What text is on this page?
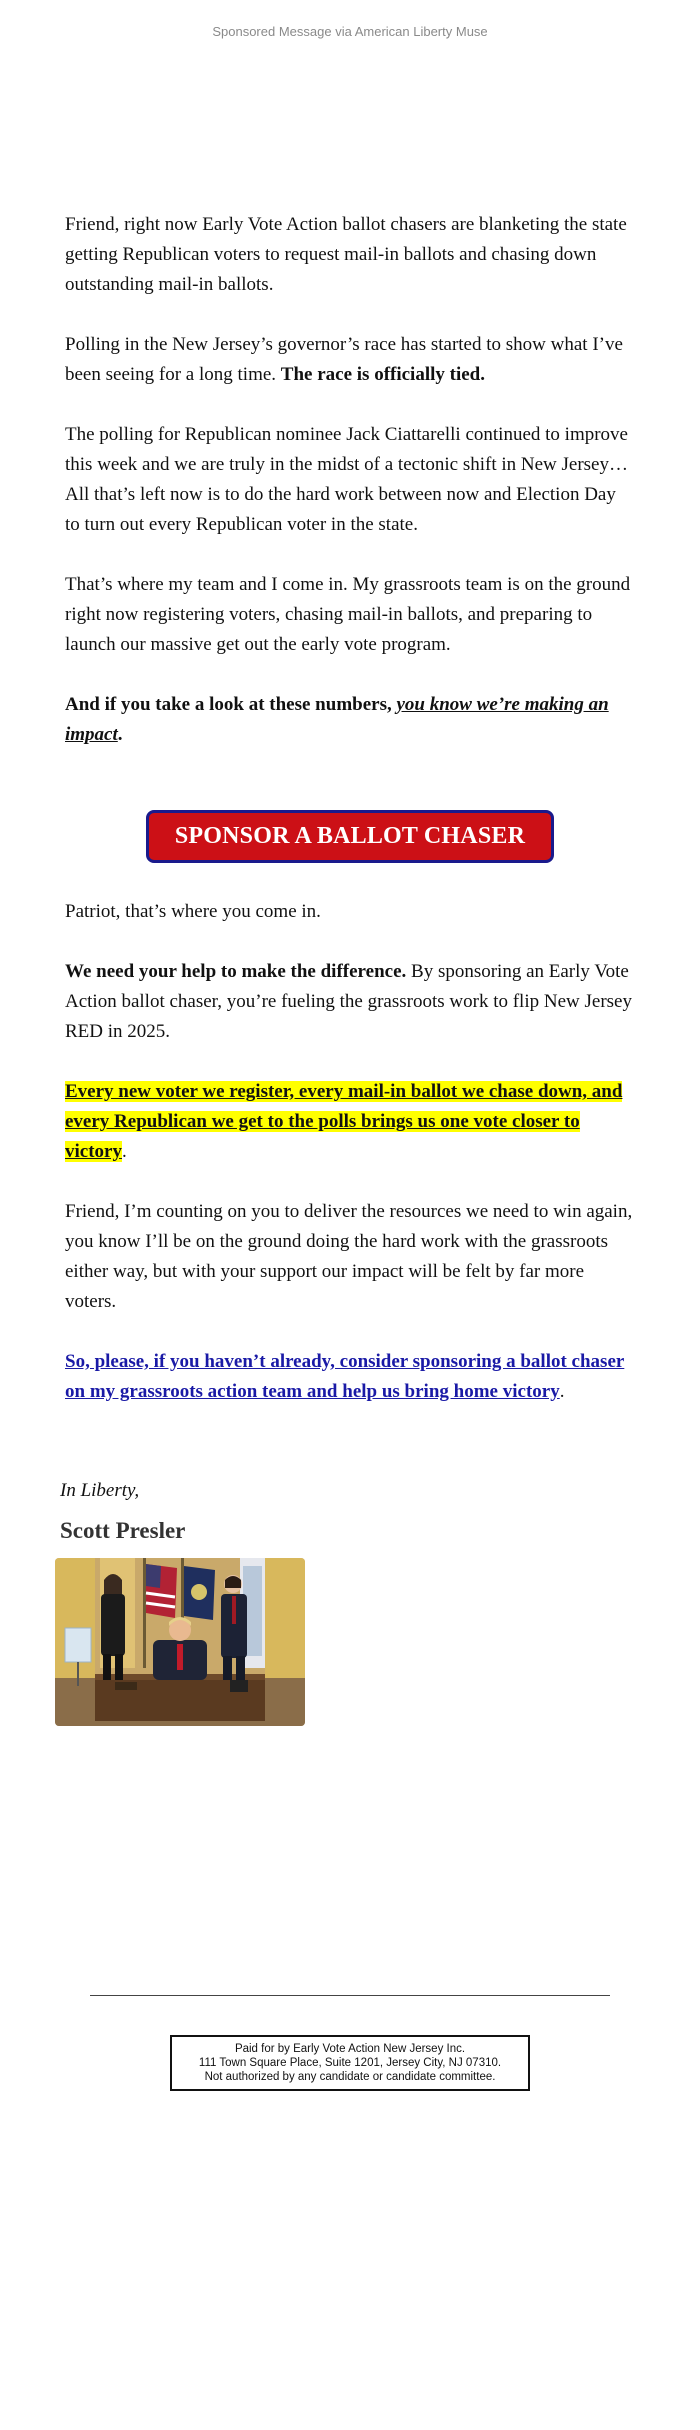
Sponsored Message via American Liberty Muse

Friend, right now Early Vote Action ballot chasers are blanketing the state getting Republican voters to request mail-in ballots and chasing down outstanding mail-in ballots.

Polling in the New Jersey’s governor’s race has started to show what I’ve been seeing for a long time. The race is officially tied.

The polling for Republican nominee Jack Ciattarelli continued to improve this week and we are truly in the midst of a tectonic shift in New Jersey… All that’s left now is to do the hard work between now and Election Day to turn out every Republican voter in the state.

That’s where my team and I come in. My grassroots team is on the ground right now registering voters, chasing mail-in ballots, and preparing to launch our massive get out the early vote program.

And if you take a look at these numbers, you know we’re making an impact.

SPONSOR A BALLOT CHASER

Patriot, that’s where you come in.

We need your help to make the difference. By sponsoring an Early Vote Action ballot chaser, you’re fueling the grassroots work to flip New Jersey RED in 2025.

Every new voter we register, every mail-in ballot we chase down, and every Republican we get to the polls brings us one vote closer to victory.

Friend, I’m counting on you to deliver the resources we need to win again, you know I’ll be on the ground doing the hard work with the grassroots either way, but with your support our impact will be felt by far more voters.

So, please, if you haven’t already, consider sponsoring a ballot chaser on my grassroots action team and help us bring home victory.

In Liberty,

Scott Presler

Paid for by Early Vote Action New Jersey Inc.
111 Town Square Place, Suite 1201, Jersey City, NJ 07310.
Not authorized by any candidate or candidate committee.
